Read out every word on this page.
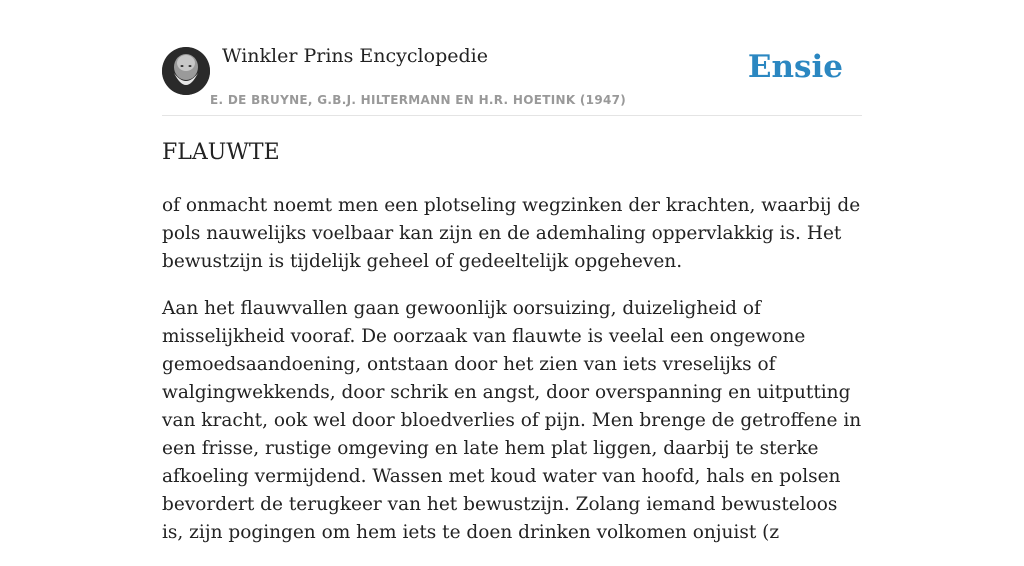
Winkler Prins Encyclopedie
E. DE BRUYNE, G.B.J. HILTERMANN EN H.R. HOETINK (1947)
Ensie
FLAUWTE

of onmacht noemt men een plotseling wegzinken der krachten, waarbij de pols nauwelijks voelbaar kan zijn en de ademhaling oppervlakkig is. Het bewustzijn is tijdelijk geheel of gedeeltelijk opgeheven.

Aan het flauwvallen gaan gewoonlijk oorsuizing, duizeligheid of misselijkheid vooraf. De oorzaak van flauwte is veelal een ongewone gemoedsaandoening, ontstaan door het zien van iets vreselijks of walgingwekkends, door schrik en angst, door overspanning en uitputting van kracht, ook wel door bloedverlies of pijn. Men brenge de getroffene in een frisse, rustige omgeving en late hem plat liggen, daarbij te sterke afkoeling vermijdend. Wassen met koud water van hoofd, hals en polsen bevordert de terugkeer van het bewustzijn. Zolang iemand bewusteloos is, zijn pogingen om hem iets te doen drinken volkomen onjuist (z
